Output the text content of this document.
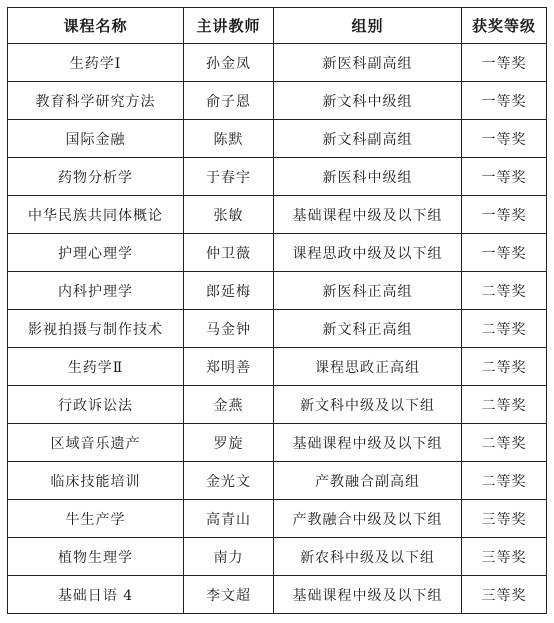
课程名称	主讲教师	组别	获奖等级
生药学Ⅰ	孙金凤	新医科副高组	一等奖
教育科学研究方法	俞子恩	新文科中级组	一等奖
国际金融	陈默	新文科副高组	一等奖
药物分析学	于春宇	新医科中级组	一等奖
中华民族共同体概论	张敏	基础课程中级及以下组	一等奖
护理心理学	仲卫薇	课程思政中级及以下组	一等奖
内科护理学	郎延梅	新医科正高组	二等奖
影视拍摄与制作技术	马金钟	新文科正高组	二等奖
生药学Ⅱ	郑明善	课程思政正高组	二等奖
行政诉讼法	金燕	新文科中级及以下组	二等奖
区域音乐遗产	罗旋	基础课程中级及以下组	二等奖
临床技能培训	金光文	产教融合副高组	二等奖
牛生产学	高青山	产教融合中级及以下组	三等奖
植物生理学	南力	新农科中级及以下组	三等奖
基础日语 4	李文超	基础课程中级及以下组	三等奖
